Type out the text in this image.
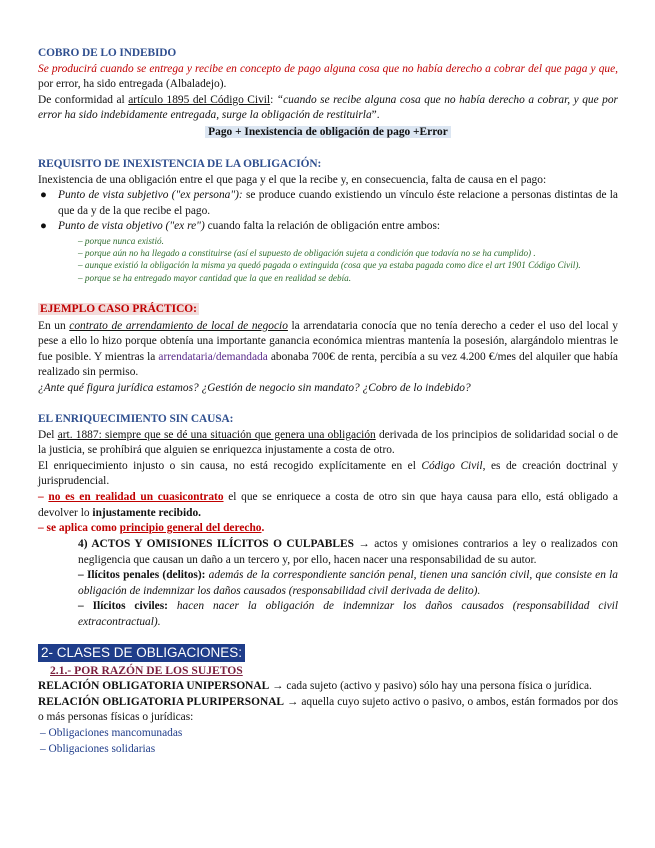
COBRO DE LO INDEBIDO
Se producirá cuando se entrega y recibe en concepto de pago alguna cosa que no había derecho a cobrar del que paga y que, por error, ha sido entregada (Albaladejo).
De conformidad al artículo 1895 del Código Civil: “cuando se recibe alguna cosa que no había derecho a cobrar, y que por error ha sido indebidamente entregada, surge la obligación de restituirla”.
Pago + Inexistencia de obligación de pago +Error
REQUISITO DE INEXISTENCIA DE LA OBLIGACIÓN:
Inexistencia de una obligación entre el que paga y el que la recibe y, en consecuencia, falta de causa en el pago:
● Punto de vista subjetivo ("ex persona"): se produce cuando existiendo un vínculo éste relacione a personas distintas de la que da y de la que recibe el pago.
● Punto de vista objetivo ("ex re") cuando falta la relación de obligación entre ambos:
– porque nunca existió.
– porque aún no ha llegado a constituirse (así el supuesto de obligación sujeta a condición que todavía no se ha cumplido) .
– aunque existió la obligación la misma ya quedó pagada o extinguida (cosa que ya estaba pagada como dice el art 1901 Código Civil).
– porque se ha entregado mayor cantidad que la que en realidad se debía.
EJEMPLO CASO PRÁCTICO:
En un contrato de arrendamiento de local de negocio la arrendataria conocía que no tenía derecho a ceder el uso del local y pese a ello lo hizo porque obtenía una importante ganancia económica mientras mantenía la posesión, alargándolo mientras le fue posible. Y mientras la arrendataria/demandada abonaba 700€ de renta, percibía a su vez 4.200 €/mes del alquiler que había realizado sin permiso.
¿Ante qué figura jurídica estamos? ¿Gestión de negocio sin mandato? ¿Cobro de lo indebido?
EL ENRIQUECIMIENTO SIN CAUSA:
Del art. 1887: siempre que se dé una situación que genera una obligación derivada de los principios de solidaridad social o de la justicia, se prohíbirá que alguien se enriquezca injustamente a costa de otro.
El enriquecimiento injusto o sin causa, no está recogido explícitamente en el Código Civil, es de creación doctrinal y jurisprudencial.
– no es en realidad un cuasicontrato el que se enriquece a costa de otro sin que haya causa para ello, está obligado a devolver lo injustamente recibido.
– se aplica como principio general del derecho.
4) ACTOS Y OMISIONES ILÍCITOS O CULPABLES → actos y omisiones contrarios a ley o realizados con negligencia que causan un daño a un tercero y, por ello, hacen nacer una responsabilidad de su autor.
– Ilícitos penales (delitos): además de la correspondiente sanción penal, tienen una sanción civil, que consiste en la obligación de indemnizar los daños causados (responsabilidad civil derivada de delito).
– Ilícitos civiles: hacen nacer la obligación de indemnizar los daños causados (responsabilidad civil extracontractual).
2- CLASES DE OBLIGACIONES:
2.1.- POR RAZÓN DE LOS SUJETOS
RELACIÓN OBLIGATORIA UNIPERSONAL → cada sujeto (activo y pasivo) sólo hay una persona física o jurídica.
RELACIÓN OBLIGATORIA PLURIPERSONAL → aquella cuyo sujeto activo o pasivo, o ambos, están formados por dos o más personas físicas o jurídicas:
– Obligaciones mancomunadas
– Obligaciones solidarias
